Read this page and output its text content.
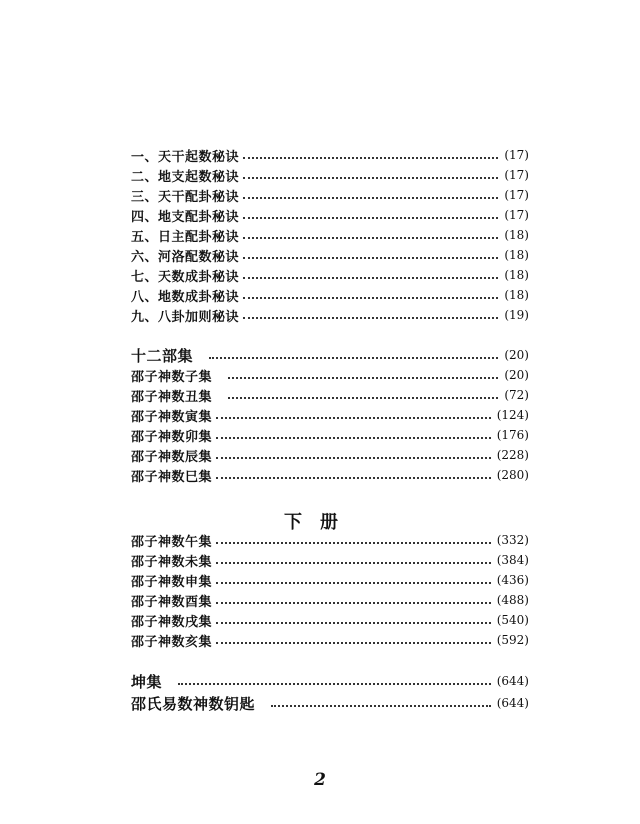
一、天干起数秘诀	(17)
二、地支起数秘诀	(17)
三、天干配卦秘诀	(17)
四、地支配卦秘诀	(17)
五、日主配卦秘诀	(18)
六、河洛配数秘诀	(18)
七、天数成卦秘诀	(18)
八、地数成卦秘诀	(18)
九、八卦加则秘诀	(19)
十二部集	(20)
邵子神数子集	(20)
邵子神数丑集	(72)
邵子神数寅集	(124)
邵子神数卯集	(176)
邵子神数辰集	(228)
邵子神数巳集	(280)
下册
邵子神数午集	(332)
邵子神数未集	(384)
邵子神数申集	(436)
邵子神数酉集	(488)
邵子神数戌集	(540)
邵子神数亥集	(592)
坤集	(644)
邵氏易数神数钥匙	(644)
2
